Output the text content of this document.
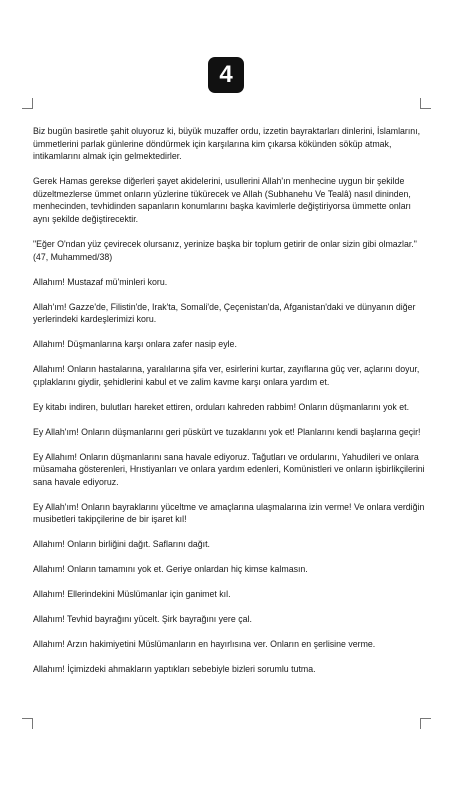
4

Biz bugün basiretle şahit oluyoruz ki, büyük muzaffer ordu, izzetin bayraktarları dinlerini, İslamlarını, ümmetlerini parlak günlerine döndürmek için karşılarına kim çıkarsa kökünden söküp atmak, intikamlarını almak için gelmektedirler.

Gerek Hamas gerekse diğerleri şayet akidelerini, usullerini Allah'ın menhecine uygun bir şekilde düzeltmezlerse ümmet onların yüzlerine tükürecek ve Allah (Subhanehu Ve Tealâ) nasıl dininden, menhecinden, tevhidinden sapanların konumlarını başka kavimlerle değiştiriyorsa ümmette onları aynı şekilde değiştirecektir.

"Eğer O'ndan yüz çevirecek olursanız, yerinize başka bir toplum getirir de onlar sizin gibi olmazlar." (47, Muhammed/38)

Allahım! Mustazaf mü'minleri koru.

Allah'ım! Gazze'de, Filistin'de, Irak'ta, Somali'de, Çeçenistan'da, Afganistan'daki ve dünyanın diğer yerlerindeki kardeşlerimizi koru.

Allahım! Düşmanlarına karşı onlara zafer nasip eyle.

Allahım! Onların hastalarına, yaralılarına şifa ver, esirlerini kurtar, zayıflarına güç ver, açlarını doyur, çıplaklarını giydir, şehidlerini kabul et ve zalim kavme karşı onlara yardım et.

Ey kitabı indiren, bulutları hareket ettiren, orduları kahreden rabbim! Onların düşmanlarını yok et.

Ey Allah'ım! Onların düşmanlarını geri püskürt ve tuzaklarını yok et! Planlarını kendi başlarına geçir!

Ey Allahım! Onların düşmanlarını sana havale ediyoruz. Tağutları ve ordularını, Yahudileri ve onlara müsamaha gösterenleri, Hrıstiyanları ve onlara yardım edenleri, Komünistleri ve onların işbirlikçilerini sana havale ediyoruz.

Ey Allah'ım! Onların bayraklarını yüceltme ve amaçlarına ulaşmalarına izin verme! Ve onlara verdiğin musibetleri takipçilerine de bir işaret kıl!

Allahım! Onların birliğini dağıt. Saflarını dağıt.

Allahım! Onların tamamını yok et. Geriye onlardan hiç kimse kalmasın.

Allahım! Ellerindekini Müslümanlar için ganimet kıl.

Allahım! Tevhid bayrağını yücelt. Şirk bayrağını yere çal.

Allahım! Arzın hakimiyetini Müslümanların en hayırlısına ver. Onların en şerlisine verme.

Allahım! İçimizdeki ahmakların yaptıkları sebebiyle bizleri sorumlu tutma.
